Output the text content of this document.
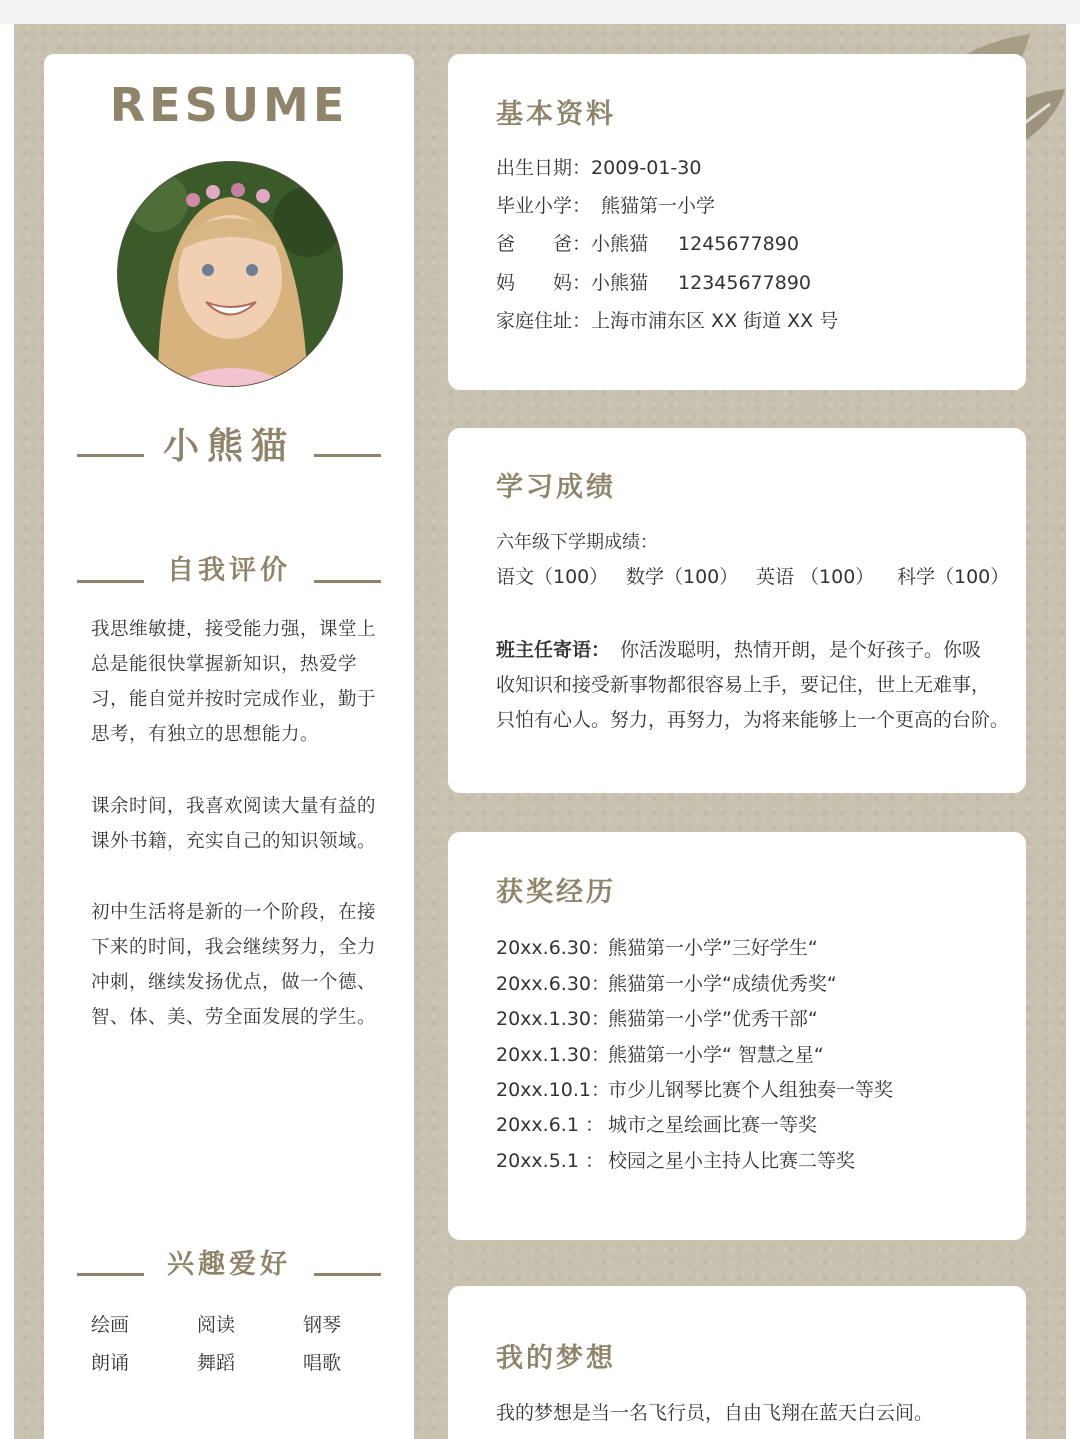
RESUME
小熊猫
自我评价

我思维敏捷，接受能力强，课堂上
总是能很快掌握新知识，热爱学
习，能自觉并按时完成作业，勤于
思考，有独立的思想能力。

课余时间，我喜欢阅读大量有益的
课外书籍，充实自己的知识领域。

初中生活将是新的一个阶段，在接
下来的时间，我会继续努力，全力
冲刺，继续发扬优点，做一个德、
智、体、美、劳全面发展的学生。

兴趣爱好
绘画	阅读	钢琴
朗诵	舞蹈	唱歌
基本资料
出生日期：2009-01-30
毕业小学： 熊猫第一小学
爸　　爸：小熊猫 1245677890
妈　　妈：小熊猫 12345677890
家庭住址：上海市浦东区 XX 街道 XX 号
学习成绩
六年级下学期成绩：
语文（100） 数学（100） 英语 （100） 科学（100）
班主任寄语： 你活泼聪明，热情开朗，是个好孩子。你吸
收知识和接受新事物都很容易上手，要记住，世上无难事，
只怕有心人。努力，再努力，为将来能够上一个更高的台阶。
获奖经历
20xx.6.30：熊猫第一小学”三好学生“
20xx.6.30：熊猫第一小学“成绩优秀奖“
20xx.1.30：熊猫第一小学”优秀干部“
20xx.1.30：熊猫第一小学“ 智慧之星“
20xx.10.1：市少儿钢琴比赛个人组独奏一等奖
20xx.6.1 ： 城市之星绘画比赛一等奖
20xx.5.1 ： 校园之星小主持人比赛二等奖
我的梦想
我的梦想是当一名飞行员，自由飞翔在蓝天白云间。
